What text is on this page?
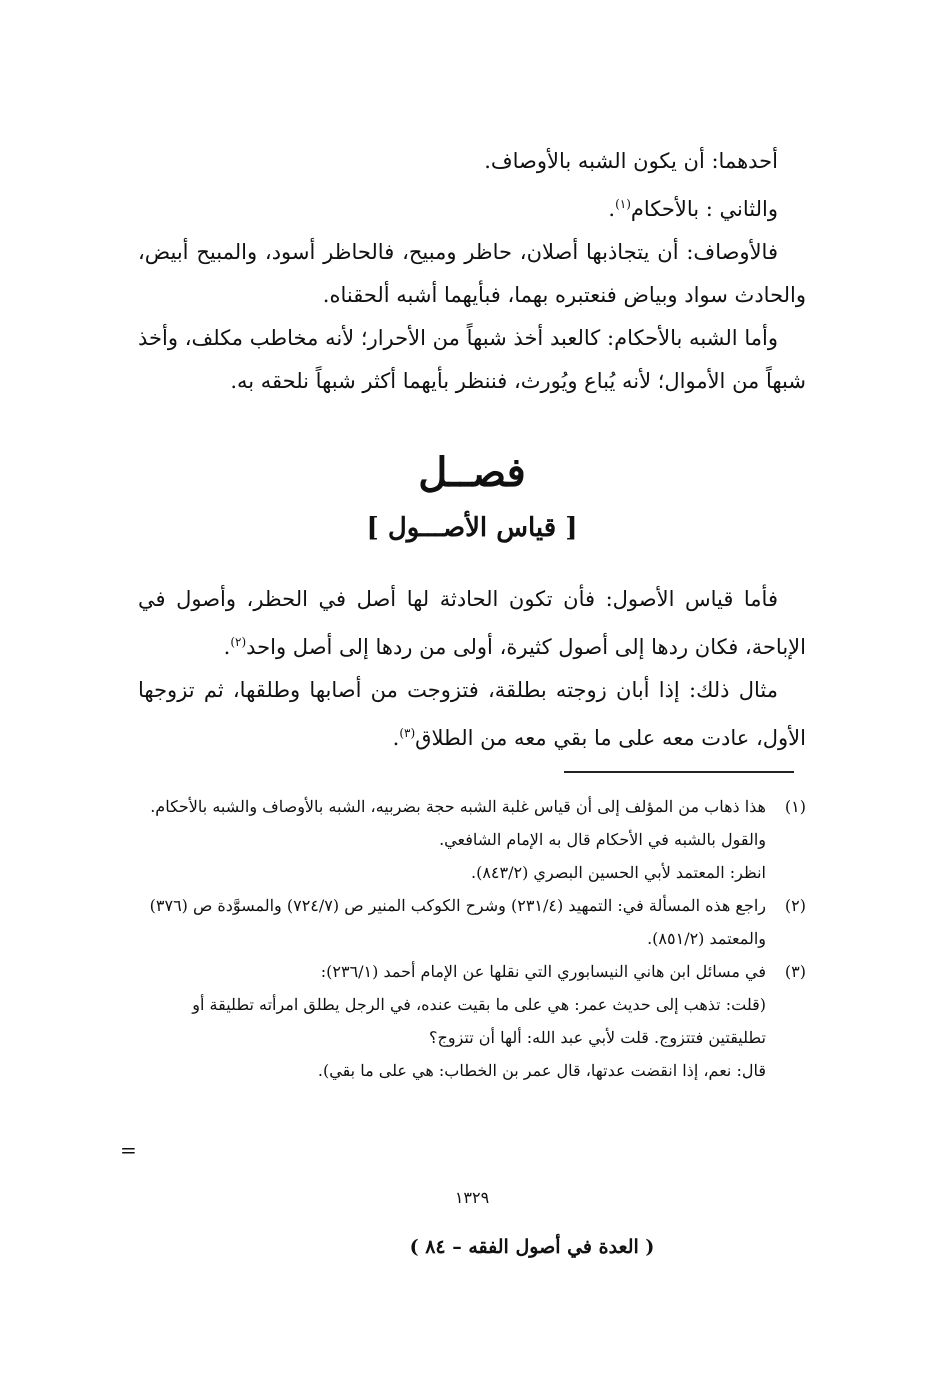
أحدهما: أن يكون الشبه بالأوصاف.

والثاني : بالأحكام$^{(١)}$.

فالأوصاف: أن يتجاذبها أصلان، حاظر ومبيح، فالحاظر أسود، والمبيح أبيض، والحادث سواد وبياض فنعتبره بهما، فبأيهما أشبه ألحقناه.

وأما الشبه بالأحكام: كالعبد أخذ شبهاً من الأحرار؛ لأنه مخاطب مكلف، وأخذ شبهاً من الأموال؛ لأنه يُباع ويُورث، فننظر بأيهما أكثر شبهاً نلحقه به.

فصــل
[ قياس الأصـــول ]

فأما قياس الأصول: فأن تكون الحادثة لها أصل في الحظر، وأصول في الإباحة، فكان ردها إلى أصول كثيرة، أولى من ردها إلى أصل واحد$^{(٢)}$.

مثال ذلك: إذا أبان زوجته بطلقة، فتزوجت من أصابها وطلقها، ثم تزوجها الأول، عادت معه على ما بقي معه من الطلاق$^{(٣)}$.

(١)

هذا ذهاب من المؤلف إلى أن قياس غلبة الشبه حجة بضربيه، الشبه بالأوصاف والشبه بالأحكام.

والقول بالشبه في الأحكام قال به الإمام الشافعي.

انظر: المعتمد لأبي الحسين البصري (٨٤٣/٢).

(٢)

راجع هذه المسألة في: التمهيد (٢٣١/٤) وشرح الكوكب المنير ص (٧٢٤/٧) والمسوَّدة ص (٣٧٦) والمعتمد (٨٥١/٢).

(٣)

في مسائل ابن هاني النيسابوري التي نقلها عن الإمام أحمد (٢٣٦/١):

(قلت: تذهب إلى حديث عمر: هي على ما بقيت عنده، في الرجل يطلق امرأته تطليقة أو تطليقتين فتتزوج. قلت لأبي عبد الله: ألها أن تتزوج؟

قال: نعم، إذا انقضت عدتها، قال عمر بن الخطاب: هي على ما بقي).

=
١٣٢٩
( العدة في أصول الفقه – ٨٤ )
